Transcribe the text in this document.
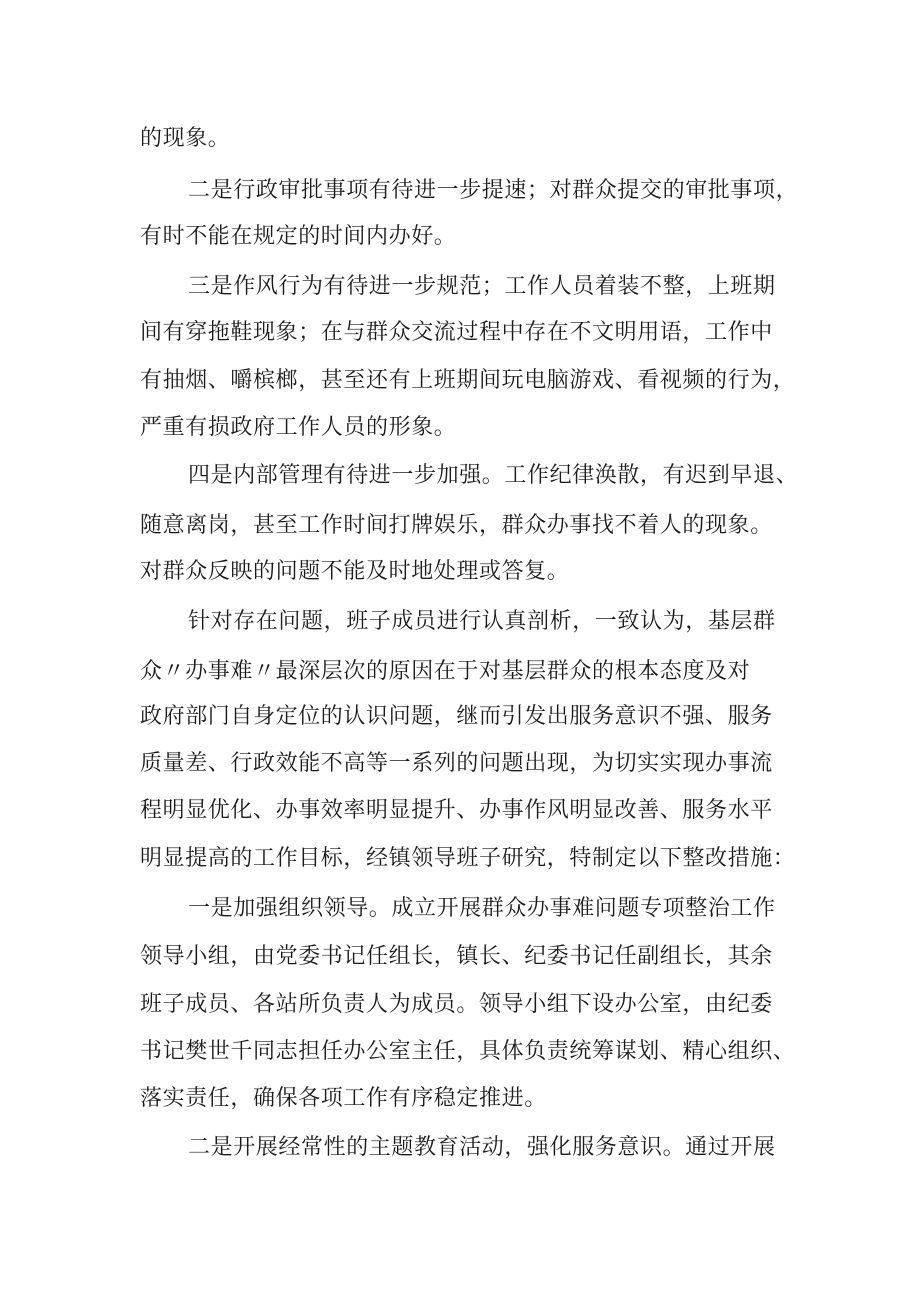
的现象。
二是行政审批事项有待进一步提速；对群众提交的审批事项，
有时不能在规定的时间内办好。
三是作风行为有待进一步规范；工作人员着装不整，上班期
间有穿拖鞋现象；在与群众交流过程中存在不文明用语，工作中
有抽烟、嚼槟榔，甚至还有上班期间玩电脑游戏、看视频的行为，
严重有损政府工作人员的形象。
四是内部管理有待进一步加强。工作纪律涣散，有迟到早退、
随意离岗，甚至工作时间打牌娱乐，群众办事找不着人的现象。
对群众反映的问题不能及时地处理或答复。
针对存在问题，班子成员进行认真剖析，一致认为，基层群
众〃办事难〃最深层次的原因在于对基层群众的根本态度及对
政府部门自身定位的认识问题，继而引发出服务意识不强、服务
质量差、行政效能不高等一系列的问题出现，为切实实现办事流
程明显优化、办事效率明显提升、办事作风明显改善、服务水平
明显提高的工作目标，经镇领导班子研究，特制定以下整改措施：
一是加强组织领导。成立开展群众办事难问题专项整治工作
领导小组，由党委书记任组长，镇长、纪委书记任副组长，其余
班子成员、各站所负责人为成员。领导小组下设办公室，由纪委
书记樊世千同志担任办公室主任，具体负责统筹谋划、精心组织、
落实责任，确保各项工作有序稳定推进。
二是开展经常性的主题教育活动，强化服务意识。通过开展
